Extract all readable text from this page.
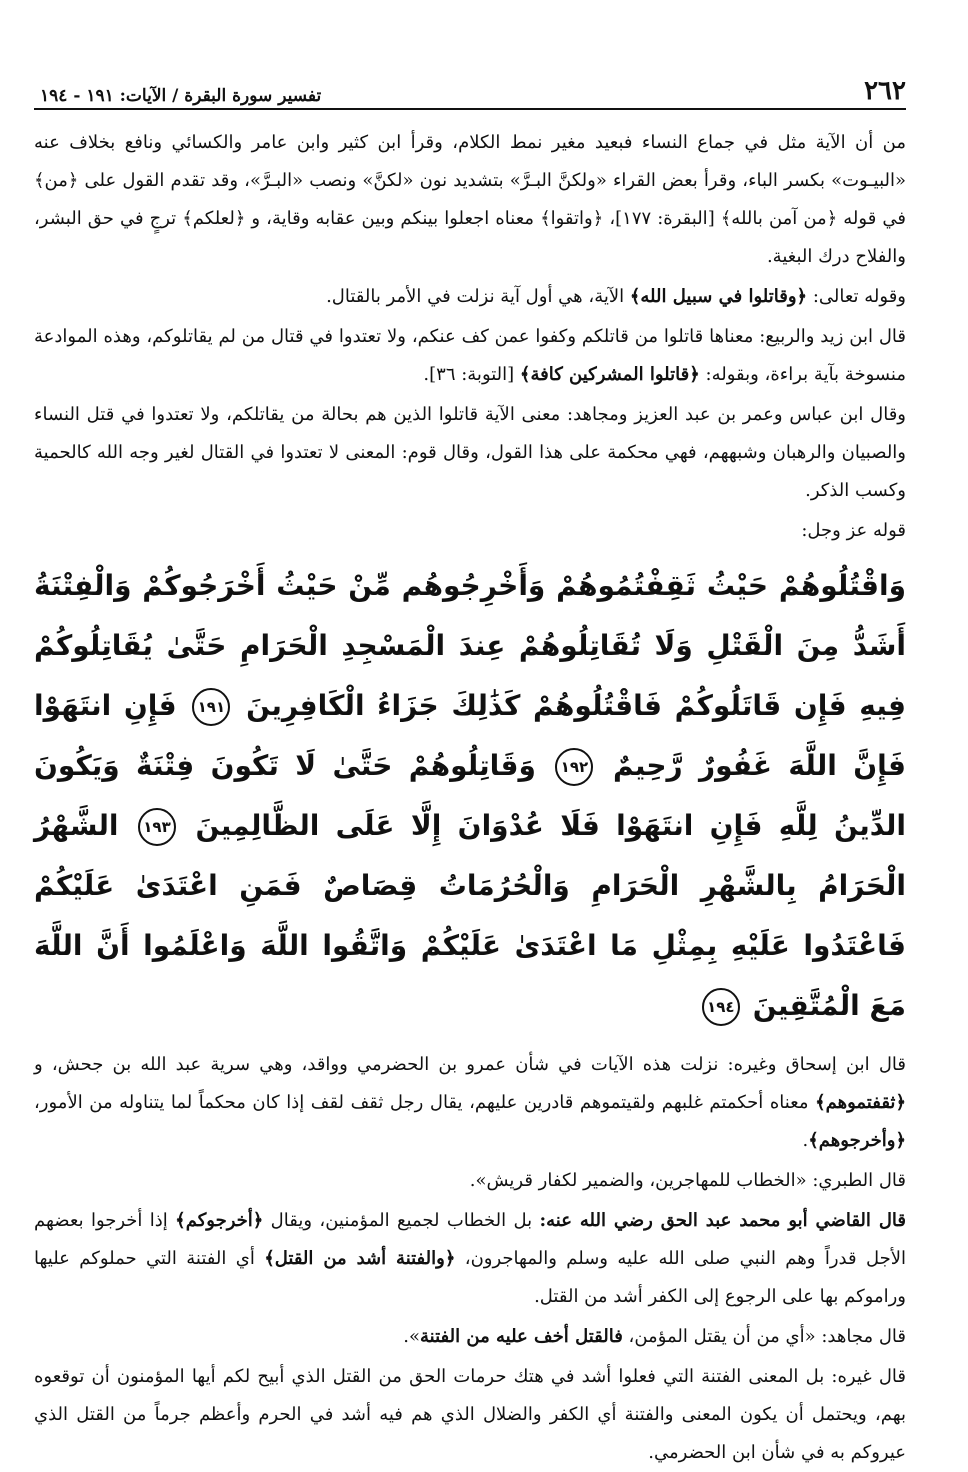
٢٦٢
تفسير سورة البقرة / الآيات: ١٩١ - ١٩٤

من أن الآية مثل في جماع النساء فبعيد مغير نمط الكلام، وقرأ ابن كثير وابن عامر والكسائي ونافع بخلاف عنه «البيـوت» بكسر الباء، وقرأ بعض القراء «ولكنَّ البـرَّ» بتشديد نون «لكنَّ» ونصب «البـرَّ»، وقد تقدم القول على ﴿من﴾ في قوله ﴿من آمن بالله﴾ [البقرة: ١٧٧]، ﴿واتقوا﴾ معناه اجعلوا بينكم وبين عقابه وقاية، و ﴿لعلكم﴾ ترجٍ في حق البشر، والفلاح درك البغية.

وقوله تعالى: ﴿وقاتلوا في سبيل الله﴾ الآية، هي أول آية نزلت في الأمر بالقتال.

قال ابن زيد والربيع: معناها قاتلوا من قاتلكم وكفوا عمن كف عنكم، ولا تعتدوا في قتال من لم يقاتلوكم، وهذه الموادعة منسوخة بآية براءة، وبقوله: ﴿قاتلوا المشركين كافة﴾ [التوبة: ٣٦].

وقال ابن عباس وعمر بن عبد العزيز ومجاهد: معنى الآية قاتلوا الذين هم بحالة من يقاتلكم، ولا تعتدوا في قتل النساء والصبيان والرهبان وشبههم، فهي محكمة على هذا القول، وقال قوم: المعنى لا تعتدوا في القتال لغير وجه الله كالحمية وكسب الذكر.

قوله عز وجل:

وَاقْتُلُوهُمْ حَيْثُ ثَقِفْتُمُوهُمْ وَأَخْرِجُوهُم مِّنْ حَيْثُ أَخْرَجُوكُمْ وَالْفِتْنَةُ أَشَدُّ مِنَ الْقَتْلِ وَلَا تُقَاتِلُوهُمْ عِندَ الْمَسْجِدِ الْحَرَامِ حَتَّىٰ يُقَاتِلُوكُمْ فِيهِ فَإِن قَاتَلُوكُمْ فَاقْتُلُوهُمْ كَذَٰلِكَ جَزَاءُ الْكَافِرِينَ ١٩١ فَإِنِ انتَهَوْا فَإِنَّ اللَّهَ غَفُورٌ رَّحِيمٌ ١٩٢ وَقَاتِلُوهُمْ حَتَّىٰ لَا تَكُونَ فِتْنَةٌ وَيَكُونَ الدِّينُ لِلَّهِ فَإِنِ انتَهَوْا فَلَا عُدْوَانَ إِلَّا عَلَى الظَّالِمِينَ ١٩٣ الشَّهْرُ الْحَرَامُ بِالشَّهْرِ الْحَرَامِ وَالْحُرُمَاتُ قِصَاصٌ فَمَنِ اعْتَدَىٰ عَلَيْكُمْ فَاعْتَدُوا عَلَيْهِ بِمِثْلِ مَا اعْتَدَىٰ عَلَيْكُمْ وَاتَّقُوا اللَّهَ وَاعْلَمُوا أَنَّ اللَّهَ مَعَ الْمُتَّقِينَ ١٩٤

قال ابن إسحاق وغيره: نزلت هذه الآيات في شأن عمرو بن الحضرمي وواقد، وهي سرية عبد الله بن جحش، و ﴿ثقفتموهم﴾ معناه أحكمتم غلبهم ولقيتموهم قادرين عليهم، يقال رجل ثقف لقف إذا كان محكماً لما يتناوله من الأمور، ﴿وأخرجوهم﴾.

قال الطبري: «الخطاب للمهاجرين، والضمير لكفار قريش».

قال القاضي أبو محمد عبد الحق رضي الله عنه: بل الخطاب لجميع المؤمنين، ويقال ﴿أخرجوكم﴾ إذا أخرجوا بعضهم الأجل قدراً وهم النبي صلى الله عليه وسلم والمهاجرون، ﴿والفتنة أشد من القتل﴾ أي الفتنة التي حملوكم عليها وراموكم بها على الرجوع إلى الكفر أشد من القتل.

قال مجاهد: «أي من أن يقتل المؤمن، فالقتل أخف عليه من الفتنة».

قال غيره: بل المعنى الفتنة التي فعلوا أشد في هتك حرمات الحق من القتل الذي أبيح لكم أيها المؤمنون أن توقعوه بهم، ويحتمل أن يكون المعنى والفتنة أي الكفر والضلال الذي هم فيه أشد في الحرم وأعظم جرماً من القتل الذي عيروكم به في شأن ابن الحضرمي.
